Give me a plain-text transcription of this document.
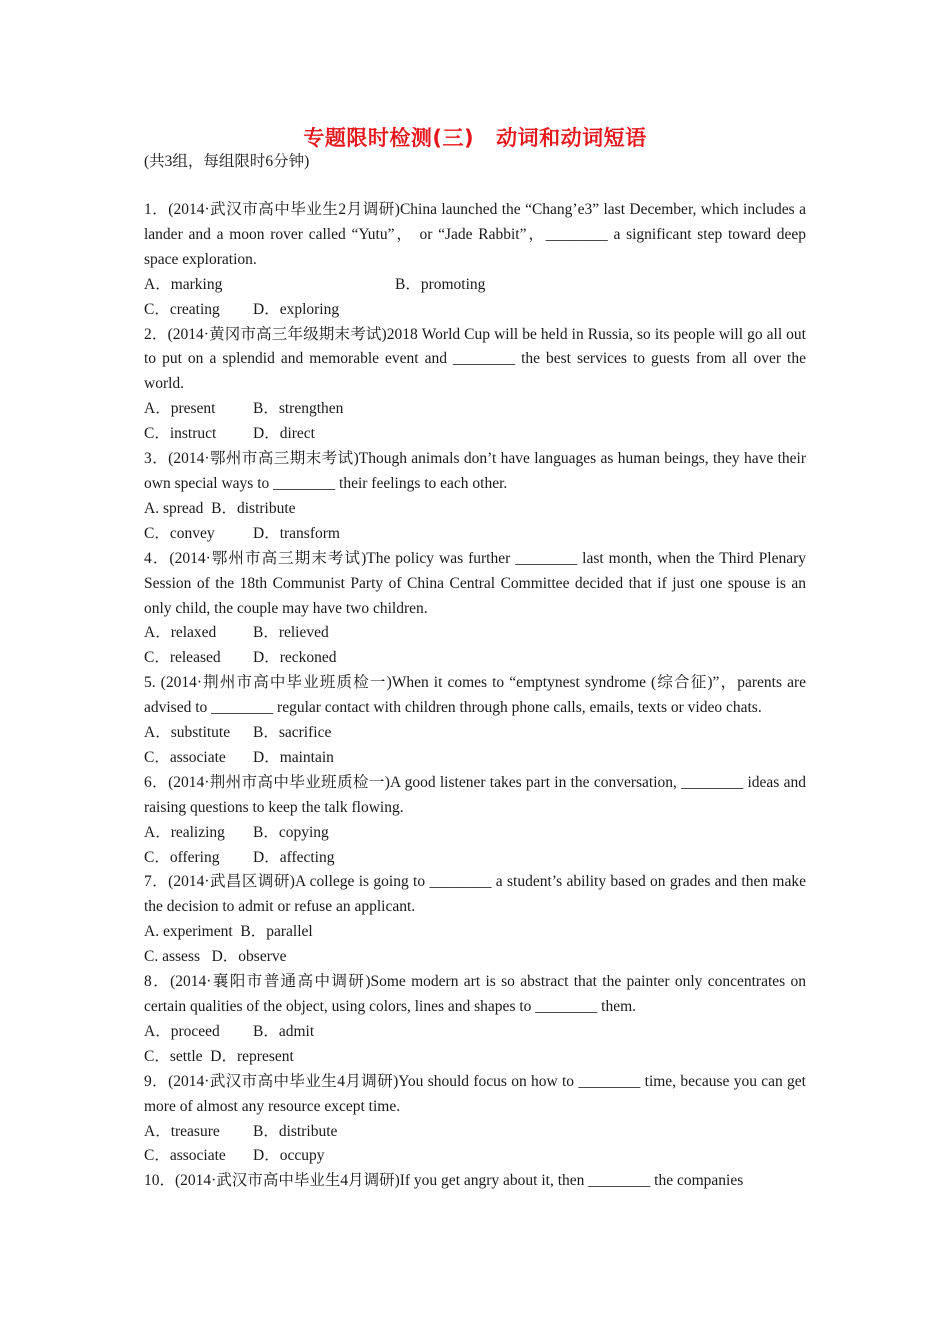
专题限时检测(三) 动词和动词短语
(共3组，每组限时6分钟)
1．(2014·武汉市高中毕业生2月调研)China launched the “Chang’e3” last December, which includes a lander and a moon rover called “Yutu”， or “Jade Rabbit”，________ a significant step toward deep space exploration.
A．marking	B．promoting
C．creating D．exploring
2．(2014·黄冈市高三年级期末考试)2018 World Cup will be held in Russia, so its people will go all out to put on a splendid and memorable event and ________ the best services to guests from all over the world.
A．present B．strengthen
C．instruct D．direct
3．(2014·鄂州市高三期末考试)Though animals don’t have languages as human beings, they have their own special ways to ________ their feelings to each other.
A. spread  B．distribute
C．convey D．transform
4．(2014·鄂州市高三期末考试)The policy was further ________ last month, when the Third Plenary Session of the 18th Communist Party of China Central Committee decided that if just one spouse is an only child, the couple may have two children.
A．relaxed B．relieved
C．released D．reckoned
5. (2014·荆州市高中毕业班质检一)When it comes to “emptynest syndrome (综合征)”，parents are advised to ________ regular contact with children through phone calls, emails, texts or video chats.
A．substitute B．sacrifice
C．associate D．maintain
6．(2014·荆州市高中毕业班质检一)A good listener takes part in the conversation, ________ ideas and raising questions to keep the talk flowing.
A．realizing B．copying
C．offering D．affecting
7．(2014·武昌区调研)A college is going to ________ a student’s ability based on grades and then make the decision to admit or refuse an applicant.
A. experiment  B．parallel
C. assess   D．observe
8．(2014·襄阳市普通高中调研)Some modern art is so abstract that the painter only concentrates on certain qualities of the object, using colors, lines and shapes to ________ them.
A．proceed B．admit
C．settle  D．represent
9．(2014·武汉市高中毕业生4月调研)You should focus on how to ________ time, because you can get more of almost any resource except time.
A．treasure B．distribute
C．associate D．occupy
10．(2014·武汉市高中毕业生4月调研)If you get angry about it, then ________ the companies
